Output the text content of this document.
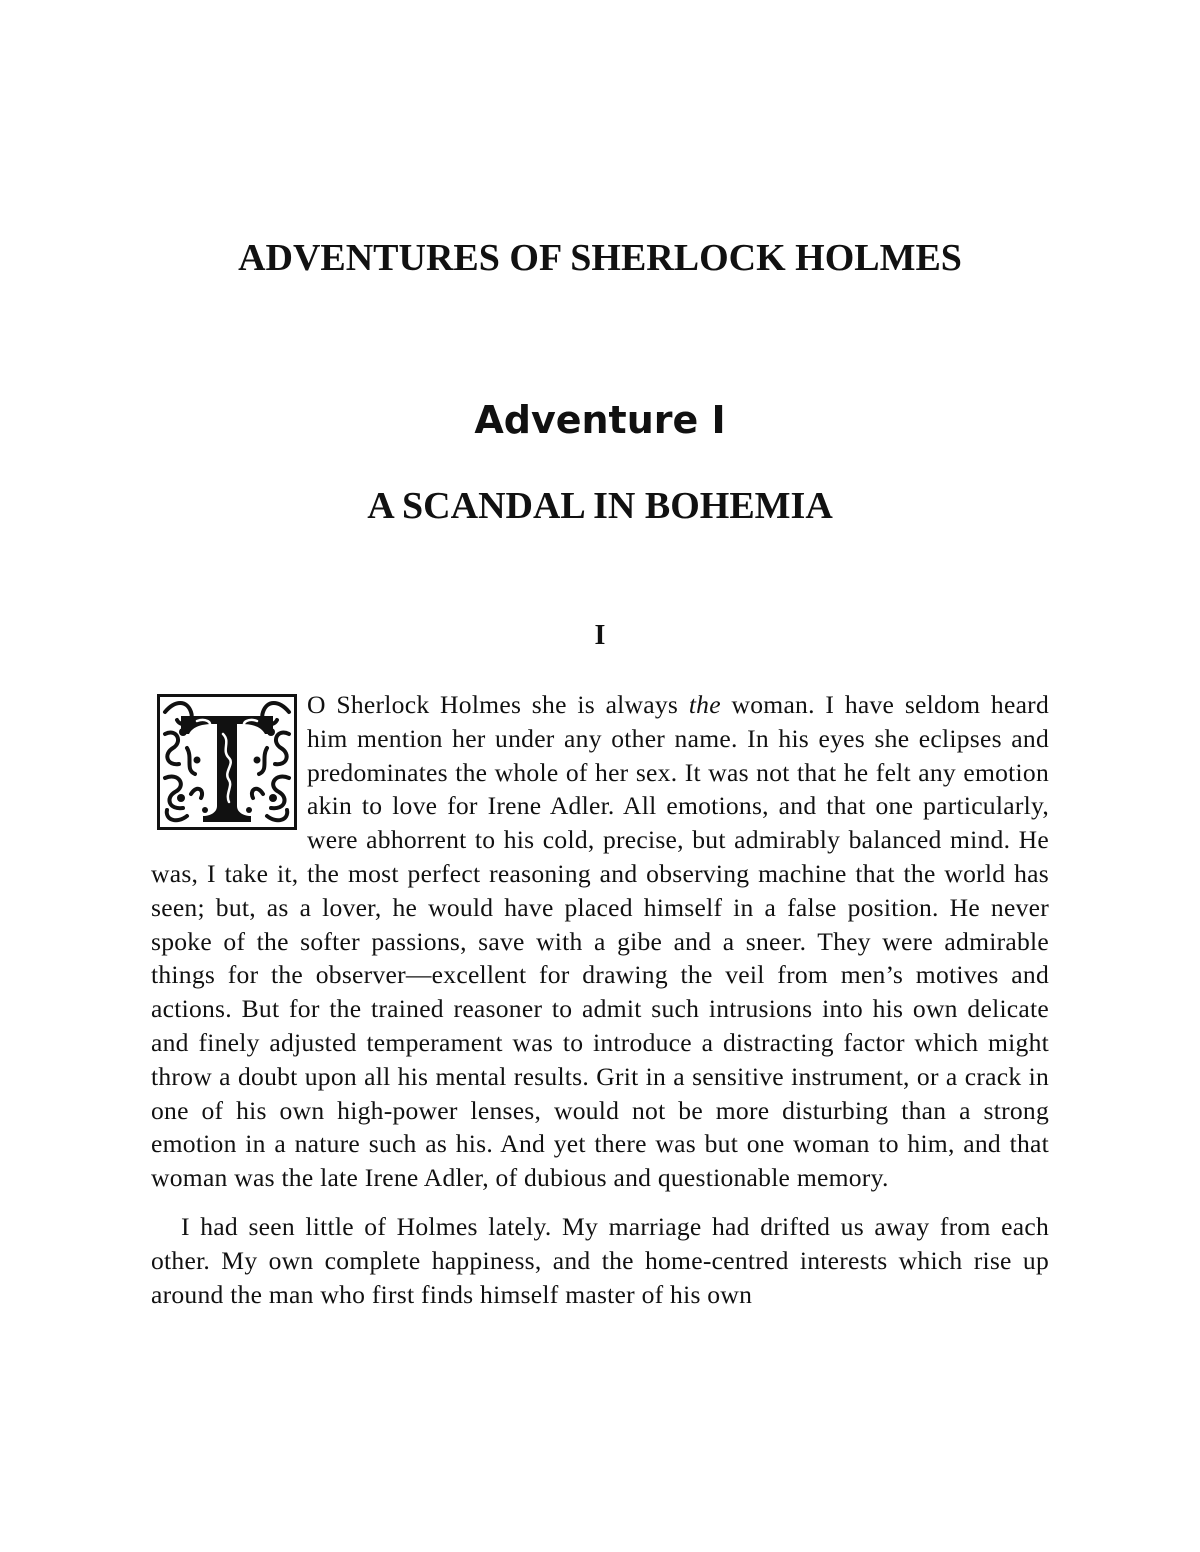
ADVENTURES OF SHERLOCK HOLMES
Adventure I
A SCANDAL IN BOHEMIA
I

O Sherlock Holmes she is always the woman. I have seldom heard him mention her under any other name. In his eyes she eclipses and predominates the whole of her sex. It was not that he felt any emotion akin to love for Irene Adler. All emotions, and that one particularly, were abhorrent to his cold, precise, but admirably balanced mind. He was, I take it, the most perfect reasoning and observing machine that the world has seen; but, as a lover, he would have placed himself in a false position. He never spoke of the softer passions, save with a gibe and a sneer. They were admirable things for the observer—excellent for drawing the veil from men’s motives and actions. But for the trained reasoner to admit such intrusions into his own delicate and finely adjusted temperament was to introduce a distracting factor which might throw a doubt upon all his mental results. Grit in a sensitive instrument, or a crack in one of his own high-power lenses, would not be more disturbing than a strong emotion in a nature such as his. And yet there was but one woman to him, and that woman was the late Irene Adler, of dubious and questionable memory.

I had seen little of Holmes lately. My marriage had drifted us away from each other. My own complete happiness, and the home-centred interests which rise up around the man who first finds himself master of his own
